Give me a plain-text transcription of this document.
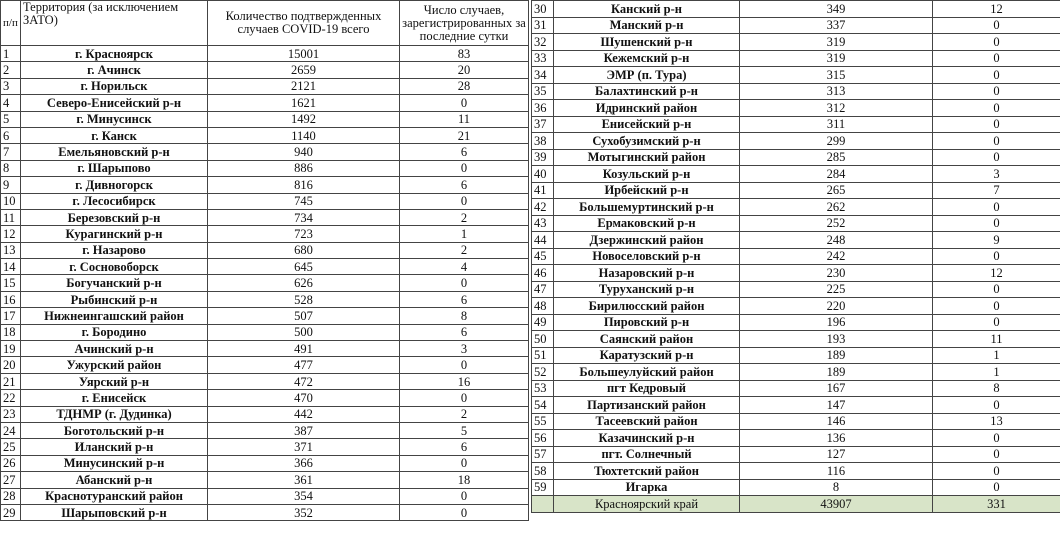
п/п	Территория (за исключением ЗАТО)	Количество подтвержденных случаев COVID-19 всего	Число случаев, зарегистрированных за последние сутки
1	г. Красноярск	15001	83
2	г. Ачинск	2659	20
3	г. Норильск	2121	28
4	Северо-Енисейский р-н	1621	0
5	г. Минусинск	1492	11
6	г. Канск	1140	21
7	Емельяновский р-н	940	6
8	г. Шарыпово	886	0
9	г. Дивногорск	816	6
10	г. Лесосибирск	745	0
11	Березовский р-н	734	2
12	Курагинский р-н	723	1
13	г. Назарово	680	2
14	г. Сосновоборск	645	4
15	Богучанский р-н	626	0
16	Рыбинский р-н	528	6
17	Нижнеингашский район	507	8
18	г. Бородино	500	6
19	Ачинский р-н	491	3
20	Ужурский район	477	0
21	Уярский р-н	472	16
22	г. Енисейск	470	0
23	ТДНМР (г. Дудинка)	442	2
24	Боготольский р-н	387	5
25	Иланский р-н	371	6
26	Минусинский р-н	366	0
27	Абанский р-н	361	18
28	Краснотуранский район	354	0
29	Шарыповский р-н	352	0
30	Канский р-н	349	12
31	Манский р-н	337	0
32	Шушенский р-н	319	0
33	Кежемский р-н	319	0
34	ЭМР (п. Тура)	315	0
35	Балахтинский р-н	313	0
36	Идринский район	312	0
37	Енисейский р-н	311	0
38	Сухобузимский р-н	299	0
39	Мотыгинский район	285	0
40	Козульский р-н	284	3
41	Ирбейский р-н	265	7
42	Большемуртинский р-н	262	0
43	Ермаковский р-н	252	0
44	Дзержинский район	248	9
45	Новоселовский р-н	242	0
46	Назаровский р-н	230	12
47	Туруханский р-н	225	0
48	Бирилюсский район	220	0
49	Пировский р-н	196	0
50	Саянский район	193	11
51	Каратузский р-н	189	1
52	Большеулуйский район	189	1
53	пгт Кедровый	167	8
54	Партизанский район	147	0
55	Тасеевский район	146	13
56	Казачинский р-н	136	0
57	пгт. Солнечный	127	0
58	Тюхтетский район	116	0
59	Игарка	8	0
	Красноярский край	43907	331
